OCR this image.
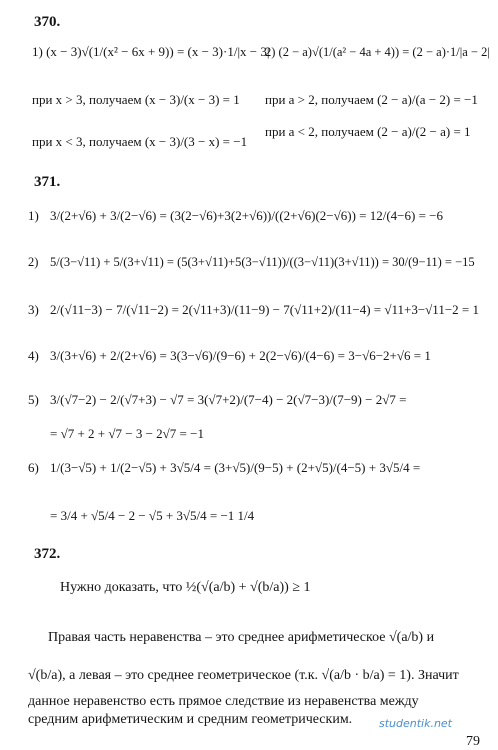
370.
1) (x − 3)√(1/(x² − 6x + 9)) = (x − 3)·1/|x − 3|
2) (2 − a)√(1/(a² − 4a + 4)) = (2 − a)·1/|a − 2|
при x > 3, получаем (x − 3)/(x − 3) = 1
при x < 3, получаем (x − 3)/(3 − x) = −1
при a > 2, получаем (2 − a)/(a − 2) = −1
при a < 2, получаем (2 − a)/(2 − a) = 1
371.
1) 3/(2+√6) + 3/(2−√6) = (3(2−√6)+3(2+√6))/((2+√6)(2−√6)) = 12/(4−6) = −6
2) 5/(3−√11) + 5/(3+√11) = (5(3+√11)+5(3−√11))/((3−√11)(3+√11)) = 30/(9−11) = −15
3) 2/(√11−3) − 7/(√11−2) = 2(√11+3)/(11−9) − 7(√11+2)/(11−4) = √11+3−√11−2 = 1
4) 3/(3+√6) + 2/(2+√6) = 3(3−√6)/(9−6) + 2(2−√6)/(4−6) = 3−√6−2+√6 = 1
5) 3/(√7−2) − 2/(√7+3) − √7 = 3(√7+2)/(7−4) − 2(√7−3)/(7−9) − 2√7 =
= √7 + 2 + √7 − 3 − 2√7 = −1
6) 1/(3−√5) + 1/(2−√5) + 3√5/4 = (3+√5)/(9−5) + (2+√5)/(4−5) + 3√5/4 =
= 3/4 + √5/4 − 2 − √5 + 3√5/4 = −1 1/4
372.
Нужно доказать, что ½(√(a/b) + √(b/a)) ≥ 1
Правая часть неравенства – это среднее арифметическое √(a/b) и
√(b/a), а левая – это среднее геометрическое (т.к. √(a/b · b/a) = 1). Значит
данное неравенство есть прямое следствие из неравенства между
средним арифметическим и средним геометрическим. studentik.net
79
